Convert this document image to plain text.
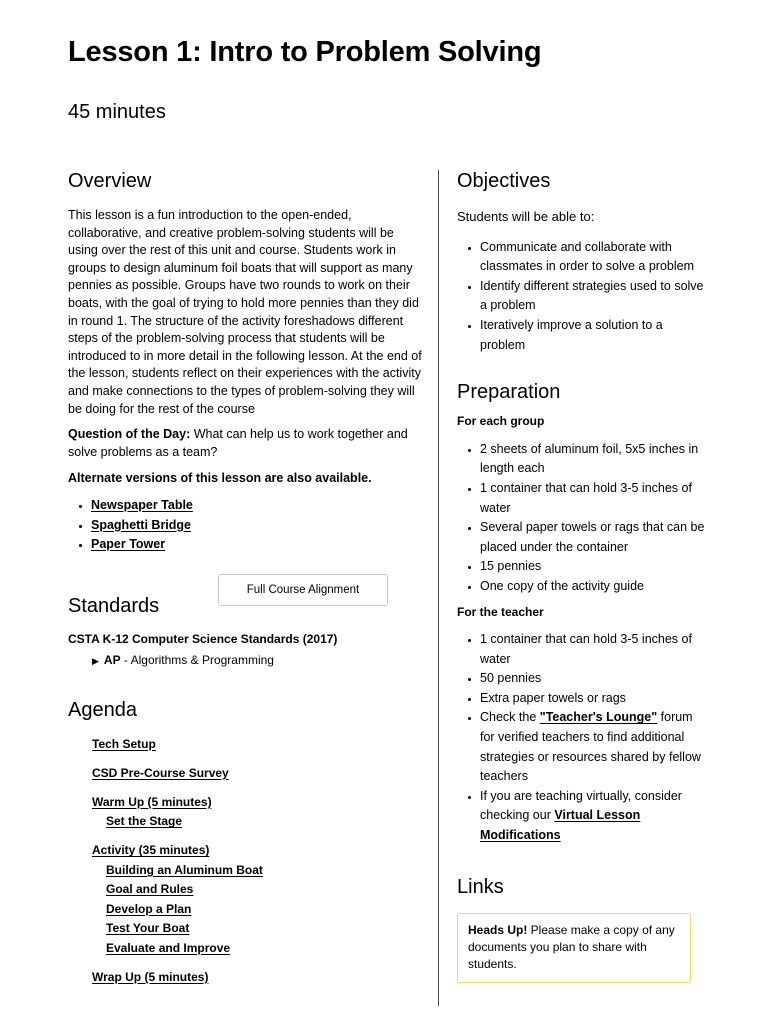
Lesson 1: Intro to Problem Solving
45 minutes
Overview

This lesson is a fun introduction to the open-ended, collaborative, and creative problem-solving students will be using over the rest of this unit and course. Students work in groups to design aluminum foil boats that will support as many pennies as possible. Groups have two rounds to work on their boats, with the goal of trying to hold more pennies than they did in round 1. The structure of the activity foreshadows different steps of the problem-solving process that students will be introduced to in more detail in the following lesson. At the end of the lesson, students reflect on their experiences with the activity and make connections to the types of problem-solving they will be doing for the rest of the course

Question of the Day: What can help us to work together and solve problems as a team?

Alternate versions of this lesson are also available.

Newspaper Table
Spaghetti Bridge
Paper Tower
Standards
Full Course Alignment

CSTA K-12 Computer Science Standards (2017)

▶ AP - Algorithms & Programming

Agenda
Tech Setup
CSD Pre-Course Survey
Warm Up (5 minutes)
Set the Stage
Activity (35 minutes)
Building an Aluminum Boat
Goal and Rules
Develop a Plan
Test Your Boat
Evaluate and Improve
Wrap Up (5 minutes)
Objectives

Students will be able to:

Communicate and collaborate with classmates in order to solve a problem
Identify different strategies used to solve a problem
Iteratively improve a solution to a problem
Preparation

For each group

2 sheets of aluminum foil, 5x5 inches in length each
1 container that can hold 3-5 inches of water
Several paper towels or rags that can be placed under the container
15 pennies
One copy of the activity guide

For the teacher

1 container that can hold 3-5 inches of water
50 pennies
Extra paper towels or rags
Check the "Teacher's Lounge" forum for verified teachers to find additional strategies or resources shared by fellow teachers
If you are teaching virtually, consider checking our Virtual Lesson Modifications
Links
Heads Up! Please make a copy of any documents you plan to share with students.
